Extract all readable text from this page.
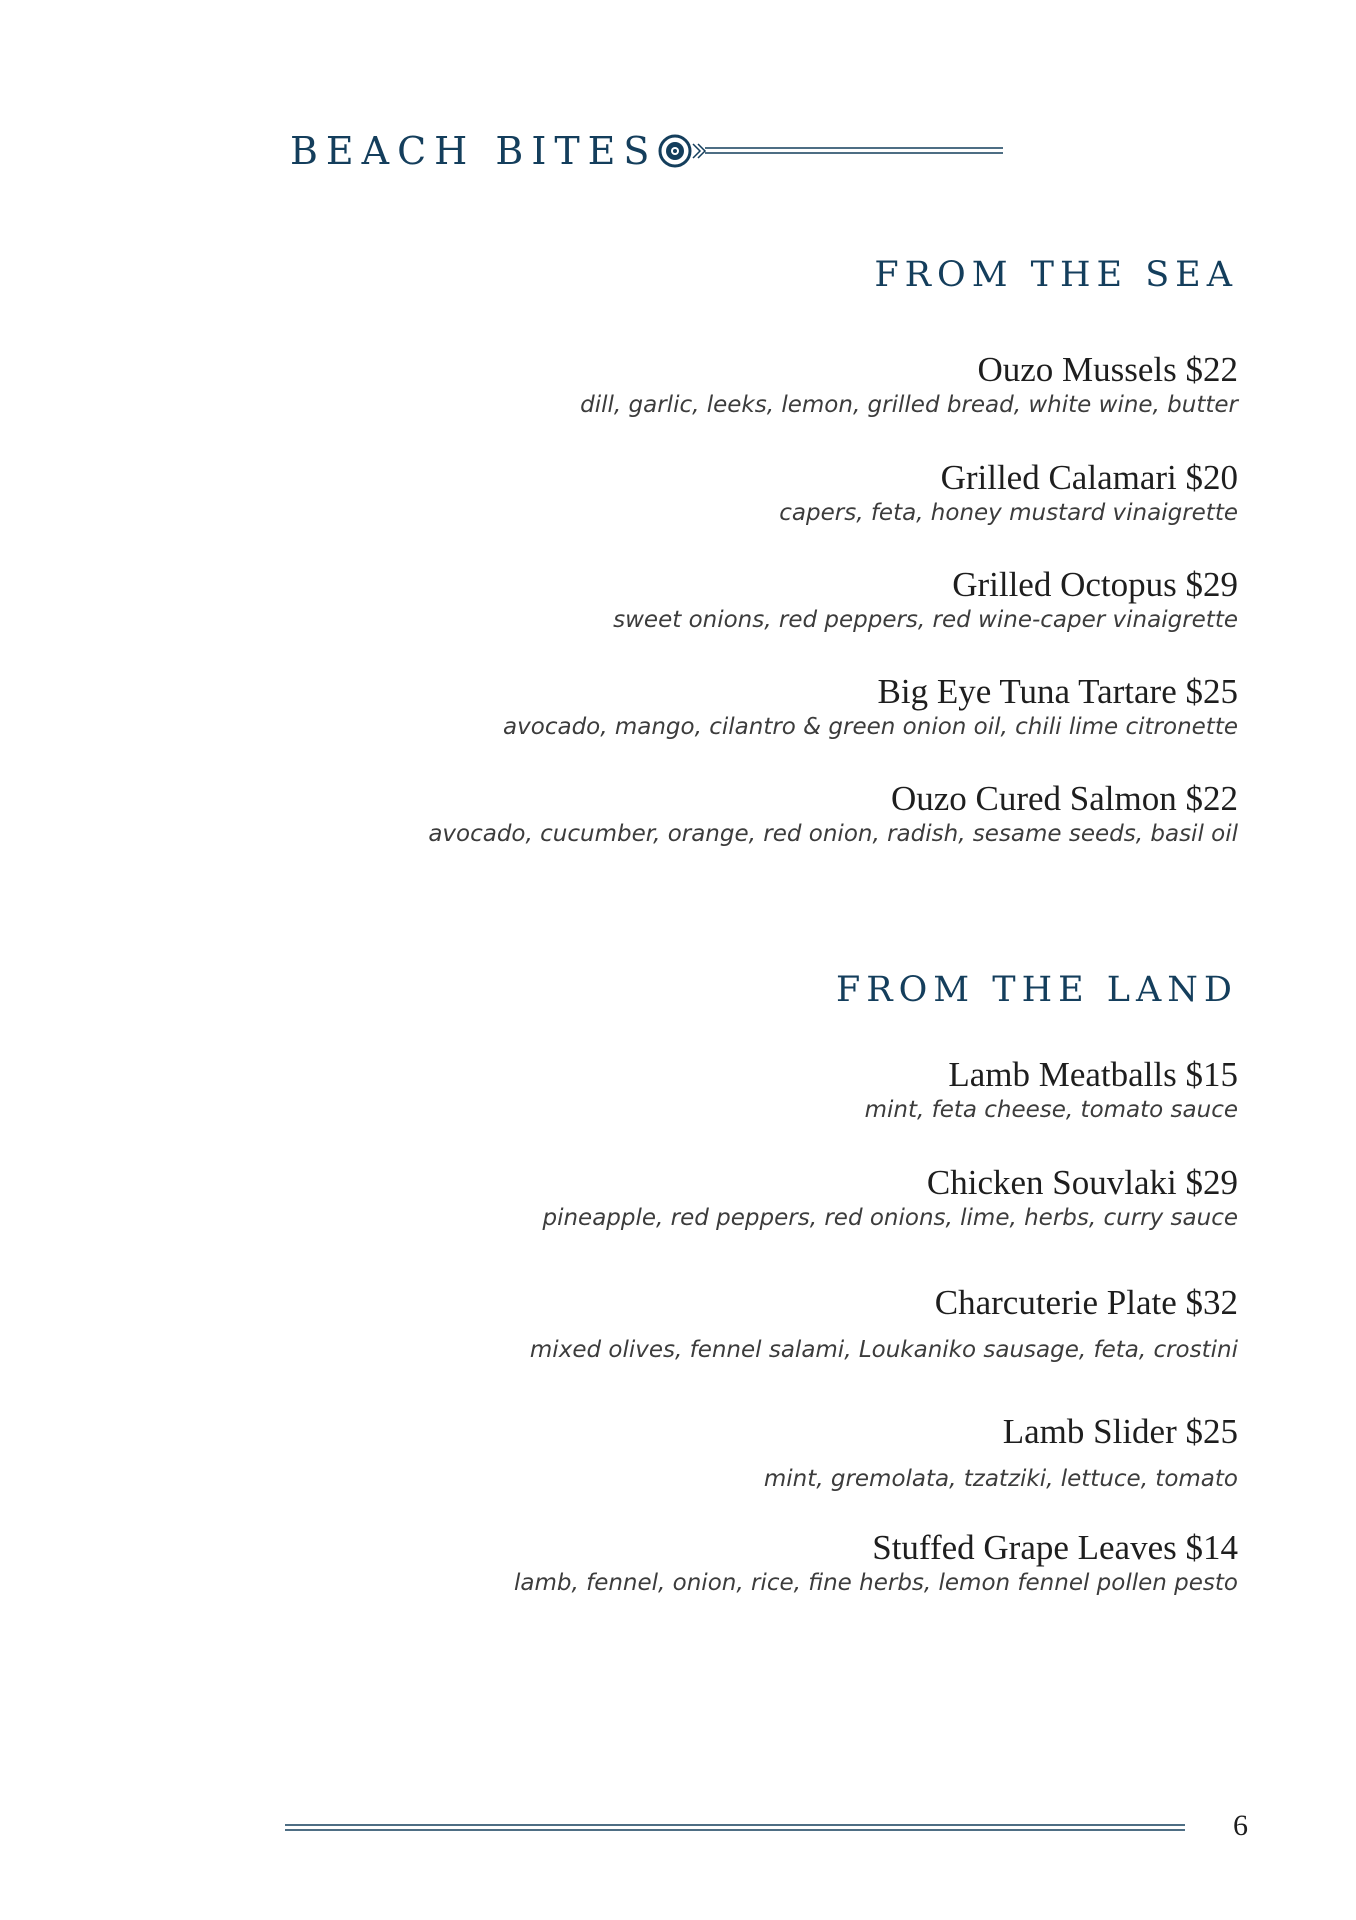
BEACH BITES
FROM THE SEA
Ouzo Mussels $22
dill, garlic, leeks, lemon, grilled bread, white wine, butter
Grilled Calamari $20
capers, feta, honey mustard vinaigrette
Grilled Octopus $29
sweet onions, red peppers, red wine-caper vinaigrette
Big Eye Tuna Tartare $25
avocado, mango, cilantro & green onion oil, chili lime citronette
Ouzo Cured Salmon $22
avocado, cucumber, orange, red onion, radish, sesame seeds, basil oil
FROM THE LAND
Lamb Meatballs $15
mint, feta cheese, tomato sauce
Chicken Souvlaki $29
pineapple, red peppers, red onions, lime, herbs, curry sauce
Charcuterie Plate $32
mixed olives, fennel salami, Loukaniko sausage, feta, crostini
Lamb Slider $25
mint, gremolata, tzatziki, lettuce, tomato
Stuffed Grape Leaves $14
lamb, fennel, onion, rice, fine herbs, lemon fennel pollen pesto
6
